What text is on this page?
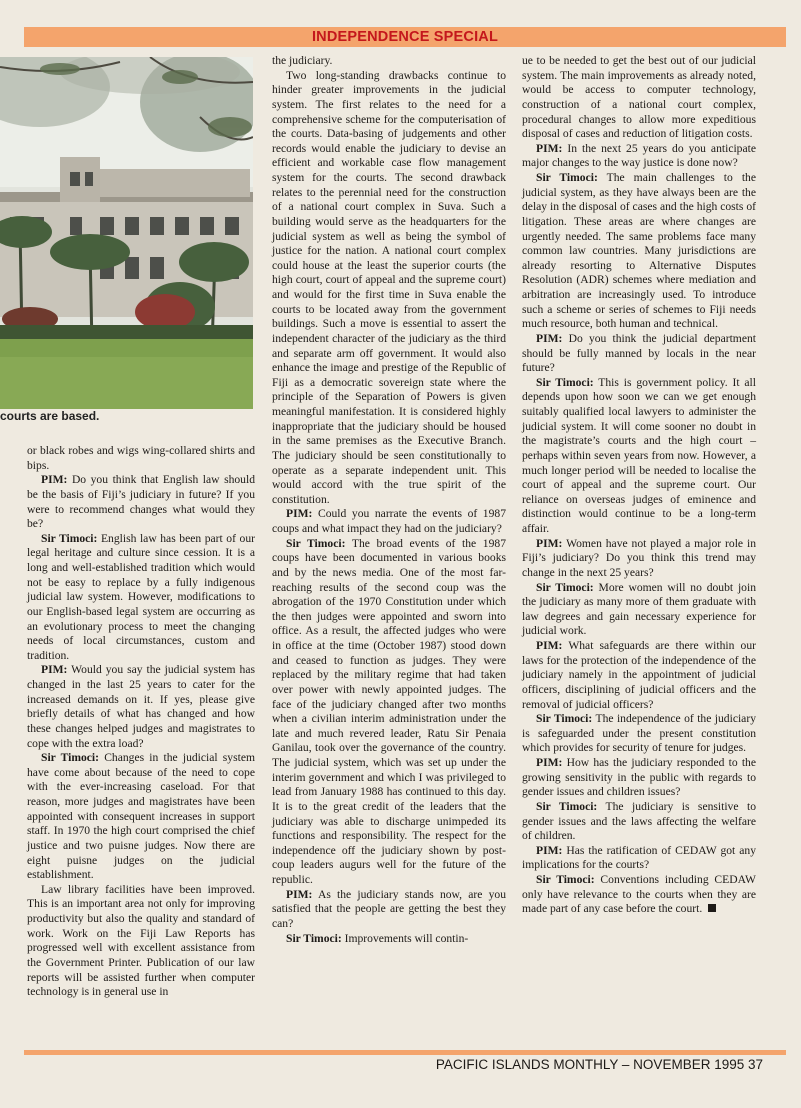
INDEPENDENCE SPECIAL
courts are based.

or black robes and wigs wing-collared shirts and bips.

PIM: Do you think that English law should be the basis of Fiji’s judiciary in future? If you were to recommend changes what would they be?

Sir Timoci: English law has been part of our legal heritage and culture since cession. It is a long and well-established tradition which would not be easy to replace by a fully indigenous judicial law system. However, modifications to our English-based legal system are occurring as an evolutionary process to meet the changing needs of local circumstances, custom and tradition.

PIM: Would you say the judicial system has changed in the last 25 years to cater for the increased demands on it. If yes, please give briefly details of what has changed and how these changes helped judges and magistrates to cope with the extra load?

Sir Timoci: Changes in the judicial system have come about because of the need to cope with the ever-increasing caseload. For that reason, more judges and magistrates have been appointed with consequent increases in support staff. In 1970 the high court comprised the chief justice and two puisne judges. Now there are eight puisne judges on the judicial establishment.

Law library facilities have been improved. This is an important area not only for improving productivity but also the quality and standard of work. Work on the Fiji Law Reports has progressed well with excellent assistance from the Government Printer. Publication of our law reports will be assisted further when computer technology is in general use in

the judiciary.

Two long-standing drawbacks continue to hinder greater improvements in the judicial system. The first relates to the need for a comprehensive scheme for the computerisation of the courts. Data-basing of judgements and other records would enable the judiciary to devise an efficient and workable case flow management system for the courts. The second drawback relates to the perennial need for the construction of a national court complex in Suva. Such a building would serve as the headquarters for the judicial system as well as being the symbol of justice for the nation. A national court complex could house at the least the superior courts (the high court, court of appeal and the supreme court) and would for the first time in Suva enable the courts to be located away from the government buildings. Such a move is essential to assert the independent character of the judiciary as the third and separate arm off government. It would also enhance the image and prestige of the Republic of Fiji as a democratic sovereign state where the principle of the Separation of Powers is given meaningful manifestation. It is considered highly inappropriate that the judiciary should be housed in the same premises as the Executive Branch. The judiciary should be seen constitutionally to operate as a separate independent unit. This would accord with the true spirit of the constitution.

PIM: Could you narrate the events of 1987 coups and what impact they had on the judiciary?

Sir Timoci: The broad events of the 1987 coups have been documented in various books and by the news media. One of the most far-reaching results of the second coup was the abrogation of the 1970 Constitution under which the then judges were appointed and sworn into office. As a result, the affected judges who were in office at the time (October 1987) stood down and ceased to function as judges. They were replaced by the military regime that had taken over power with newly appointed judges. The face of the judiciary changed after two months when a civilian interim administration under the late and much revered leader, Ratu Sir Penaia Ganilau, took over the governance of the country. The judicial system, which was set up under the interim government and which I was privileged to lead from January 1988 has continued to this day. It is to the great credit of the leaders that the judiciary was able to discharge unimpeded its functions and responsibility. The respect for the independence off the judiciary shown by post-coup leaders augurs well for the future of the republic.

PIM: As the judiciary stands now, are you satisfied that the people are getting the best they can?

Sir Timoci: Improvements will contin-

ue to be needed to get the best out of our judicial system. The main improvements as already noted, would be access to computer technology, construction of a national court complex, procedural changes to allow more expeditious disposal of cases and reduction of litigation costs.

PIM: In the next 25 years do you anticipate major changes to the way justice is done now?

Sir Timoci: The main challenges to the judicial system, as they have always been are the delay in the disposal of cases and the high costs of litigation. These areas are where changes are urgently needed. The same problems face many common law countries. Many jurisdictions are already resorting to Alternative Disputes Resolution (ADR) schemes where mediation and arbitration are increasingly used. To introduce such a scheme or series of schemes to Fiji needs much resource, both human and technical.

PIM: Do you think the judicial department should be fully manned by locals in the near future?

Sir Timoci: This is government policy. It all depends upon how soon we can we get enough suitably qualified local lawyers to administer the judicial system. It will come sooner no doubt in the magistrate’s courts and the high court – perhaps within seven years from now. However, a much longer period will be needed to localise the court of appeal and the supreme court. Our reliance on overseas judges of eminence and distinction would continue to be a long-term affair.

PIM: Women have not played a major role in Fiji’s judiciary? Do you think this trend may change in the next 25 years?

Sir Timoci: More women will no doubt join the judiciary as many more of them graduate with law degrees and gain necessary experience for judicial work.

PIM: What safeguards are there within our laws for the protection of the independence of the judiciary namely in the appointment of judicial officers, disciplining of judicial officers and the removal of judicial officers?

Sir Timoci: The independence of the judiciary is safeguarded under the present constitution which provides for security of tenure for judges.

PIM: How has the judiciary responded to the growing sensitivity in the public with regards to gender issues and children issues?

Sir Timoci: The judiciary is sensitive to gender issues and the laws affecting the welfare of children.

PIM: Has the ratification of CEDAW got any implications for the courts?

Sir Timoci: Conventions including CEDAW only have relevance to the courts when they are made part of any case before the court.

PACIFIC ISLANDS MONTHLY – NOVEMBER 1995 37
